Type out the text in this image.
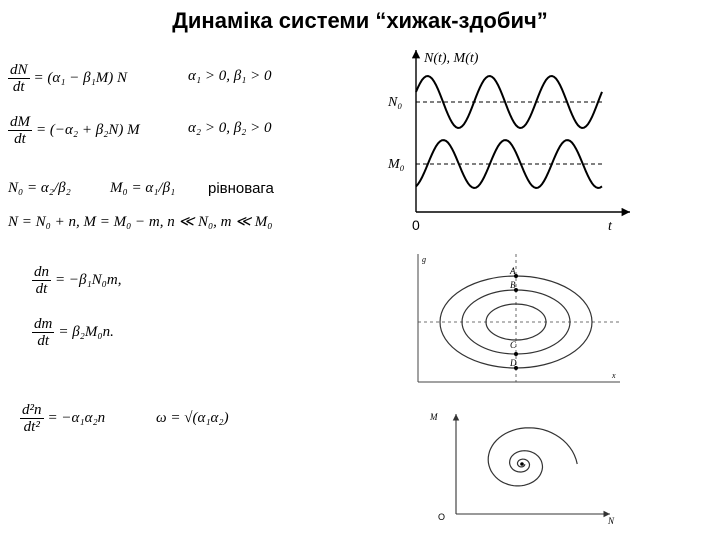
Динаміка системи “хижак-здобич”
$\frac{dN}{dt} = (\alpha_1 - \beta_1M)$ N	α₁ > 0, β₁ > 0
$\frac{dM}{dt} = (-\alpha_2 + \beta_2N)$ M	α₂ > 0, β₂ > 0
N₀ = α₂/β₂	M₀ = α₁/β₁ рівновага
N = N₀ + n, M = M₀ − m, n ≪ N₀, m ≪ M₀
$\frac{dn}{dt} = -\beta_1N_0m$,
$\frac{dm}{dt} = \beta_2M_0n$.
$\frac{\text{d²n}}{\text{dt²}} = -\alpha_1\alpha_2n$	ω = √(α₁α₂)
N(t), M(t)
N₀
M₀
0	t
g
x
A
B
C
D
M
N
O
